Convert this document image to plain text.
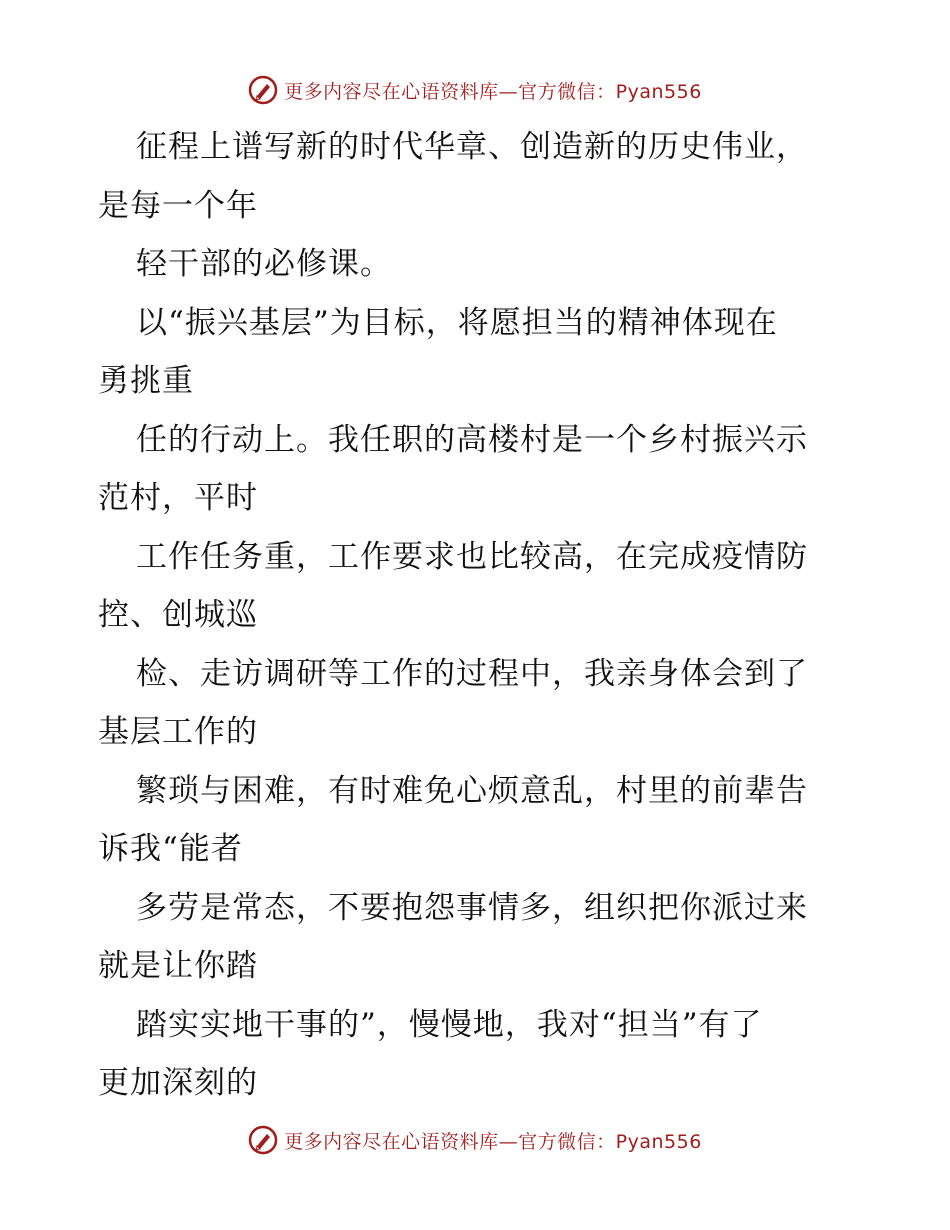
更多内容尽在心语资料库—官方微信：Pyan556
征程上谱写新的时代华章、创造新的历史伟业，
是每一个年
轻干部的必修课。
以“振兴基层”为目标，将愿担当的精神体现在
勇挑重
任的行动上。我任职的高楼村是一个乡村振兴示
范村，平时
工作任务重，工作要求也比较高，在完成疫情防
控、创城巡
检、走访调研等工作的过程中，我亲身体会到了
基层工作的
繁琐与困难，有时难免心烦意乱，村里的前辈告
诉我“能者
多劳是常态，不要抱怨事情多，组织把你派过来
就是让你踏
踏实实地干事的”，慢慢地，我对“担当”有了
更加深刻的
更多内容尽在心语资料库—官方微信：Pyan556
